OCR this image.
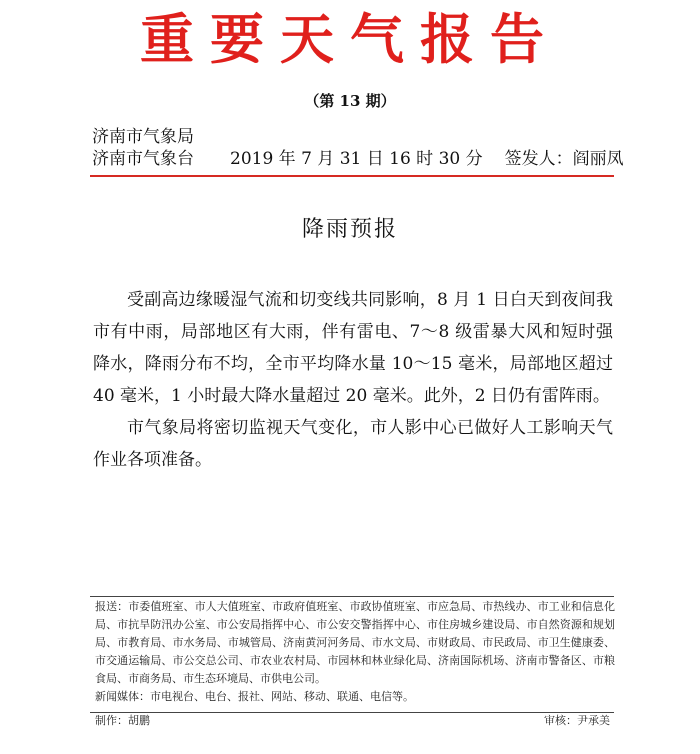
重要天气报告
（第 13 期）
济南市气象局
济南市气象台 2019 年 7 月 31 日 16 时 30 分 签发人：阎丽凤
降雨预报

受副高边缘暖湿气流和切变线共同影响，8 月 1 日白天到夜间我市有中雨，局部地区有大雨，伴有雷电、7～8 级雷暴大风和短时强降水，降雨分布不均，全市平均降水量 10～15 毫米，局部地区超过 40 毫米，1 小时最大降水量超过 20 毫米。此外，2 日仍有雷阵雨。

市气象局将密切监视天气变化，市人影中心已做好人工影响天气作业各项准备。

报送：市委值班室、市人大值班室、市政府值班室、市政协值班室、市应急局、市热线办、市工业和信息化局、市抗旱防汛办公室、市公安局指挥中心、市公安交警指挥中心、市住房城乡建设局、市自然资源和规划局、市教育局、市水务局、市城管局、济南黄河河务局、市水文局、市财政局、市民政局、市卫生健康委、市交通运输局、市公交总公司、市农业农村局、市园林和林业绿化局、济南国际机场、济南市警备区、市粮食局、市商务局、市生态环境局、市供电公司。

新闻媒体：市电视台、电台、报社、网站、移动、联通、电信等。

制作：胡鹏	审核：尹承美
